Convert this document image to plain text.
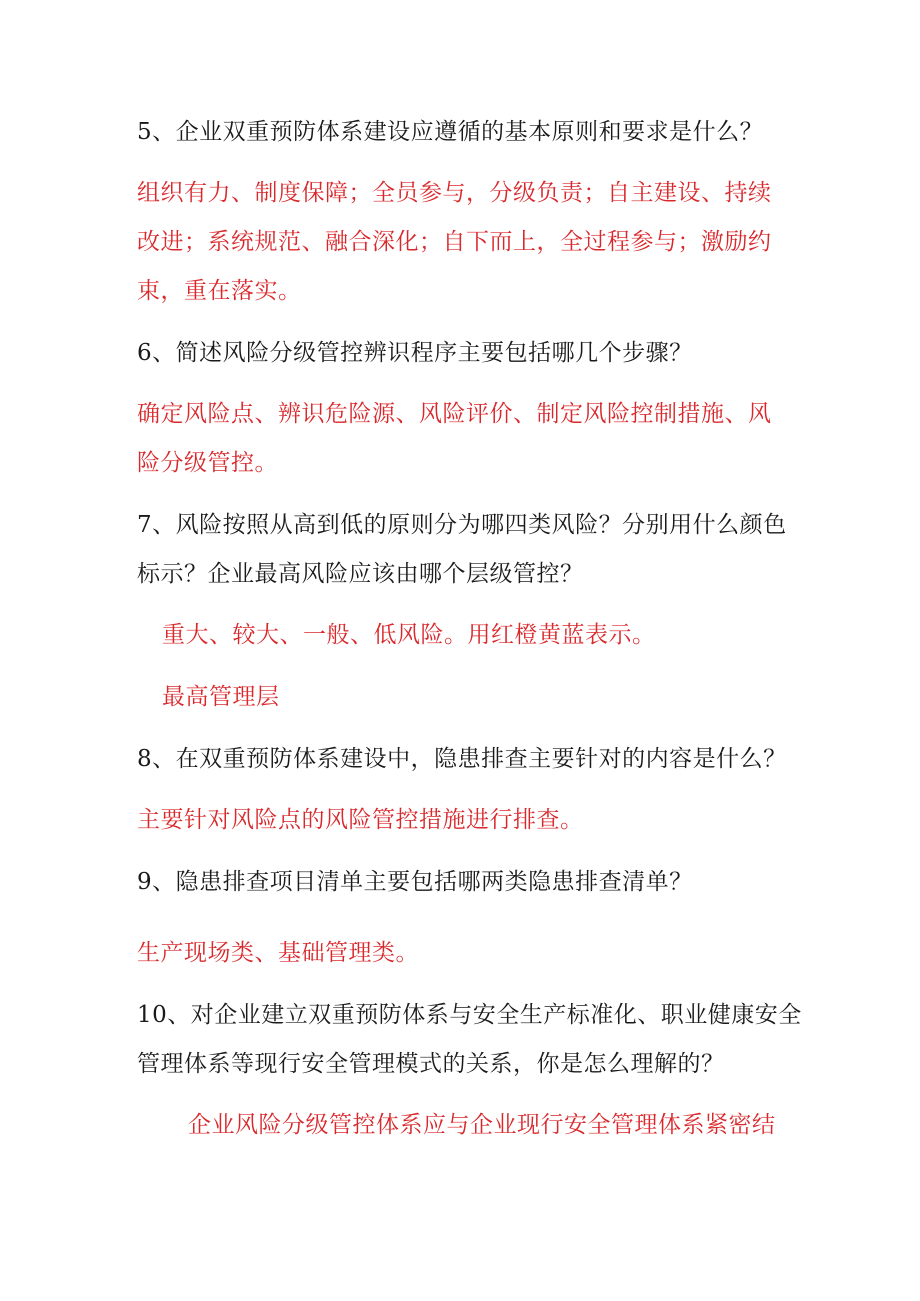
5、企业双重预防体系建设应遵循的基本原则和要求是什么？
组织有力、制度保障；全员参与，分级负责；自主建设、持续
改进；系统规范、融合深化；自下而上，全过程参与；激励约
束，重在落实。
6、简述风险分级管控辨识程序主要包括哪几个步骤？
确定风险点、辨识危险源、风险评价、制定风险控制措施、风
险分级管控。
7、风险按照从高到低的原则分为哪四类风险？分别用什么颜色
标示？企业最高风险应该由哪个层级管控？
重大、较大、一般、低风险。用红橙黄蓝表示。
最高管理层
8、在双重预防体系建设中，隐患排查主要针对的内容是什么？
主要针对风险点的风险管控措施进行排查。
9、隐患排查项目清单主要包括哪两类隐患排查清单？
生产现场类、基础管理类。
10、对企业建立双重预防体系与安全生产标准化、职业健康安全
管理体系等现行安全管理模式的关系，你是怎么理解的？
企业风险分级管控体系应与企业现行安全管理体系紧密结
